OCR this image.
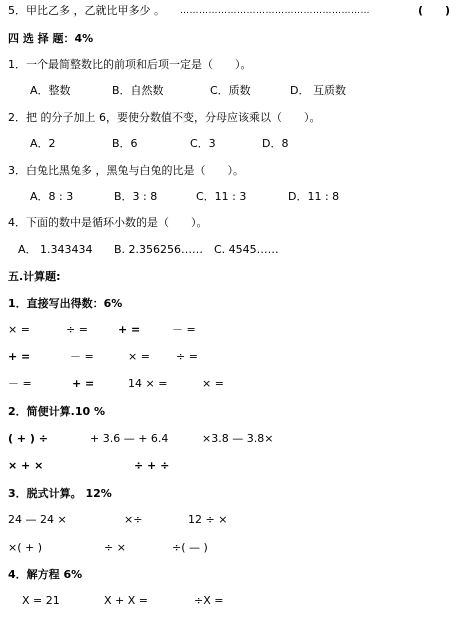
5．甲比乙多 ，乙就比甲多少 。 ……………………………………………………	(　　)
四 选 择 题：4%
1．一个最简整数比的前项和后项一定是（　　）。
A．整数	B．自然数	C．质数	D． 互质数
2．把 的分子加上 6，要使分数值不变，分母应该乘以（　　）。
A．2	B．6	C．3	D．8
3．白兔比黑兔多 ，黑兔与白兔的比是（　　）。
A．8 : 3	B．3 : 8	C．11 : 3	D．11 : 8
4．下面的数中是循环小数的是（　　）。
A． 1.343434 B. 2.356256…… C. 4545……
五.计算题:
1．直接写出得数：6%
× =	÷ =	+ =	－ =
+ =	－ =	× = ÷ =
－ =	+ =	14 × =	× =
2．简便计算.10 %
( + ) ÷	+ 3.6 — + 6.4	×3.8 — 3.8×
× + ×	÷ + ÷
3．脱式计算。 12%
24 — 24 ×	×÷	12 ÷ ×
×( + )	÷ ×	÷( — )
4．解方程 6%
X = 21	X + X =	÷X =
